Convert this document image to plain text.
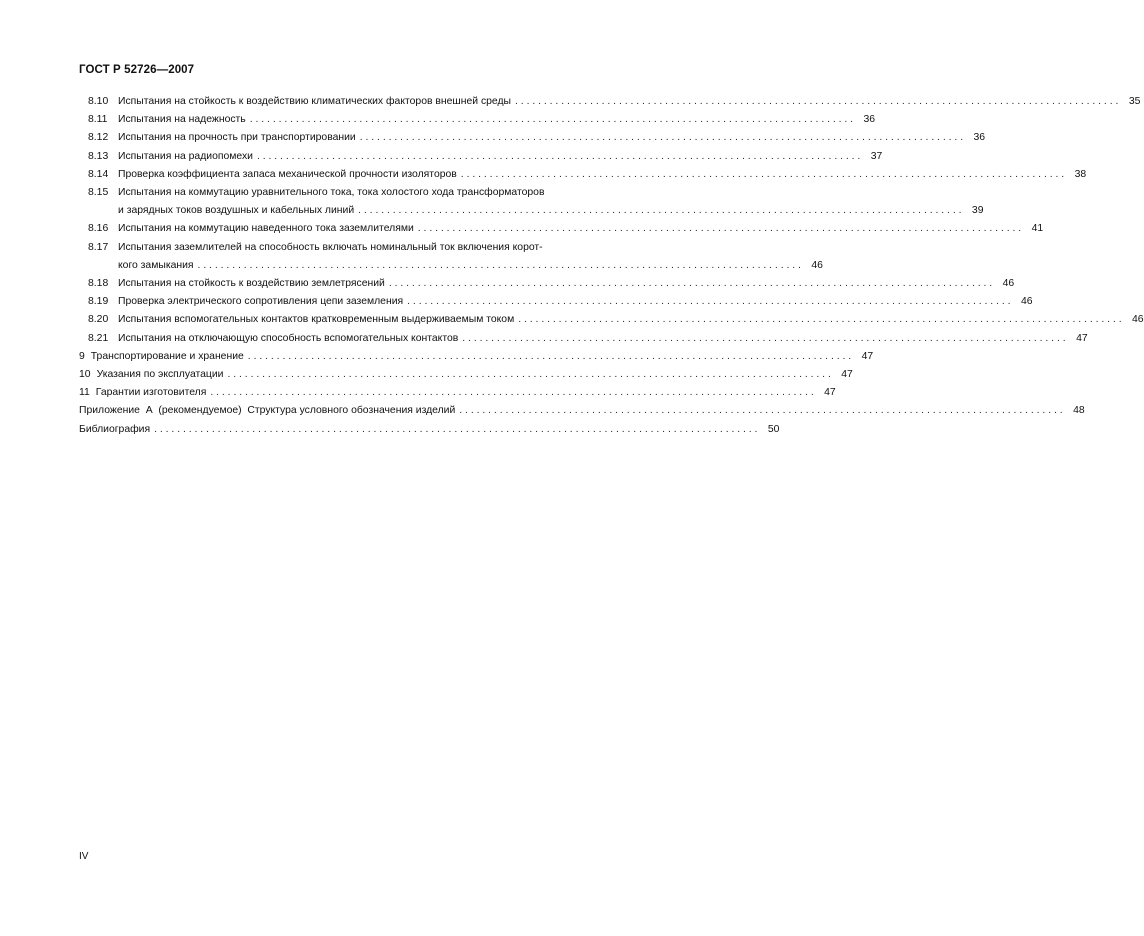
ГОСТ Р 52726—2007
8.10 Испытания на стойкость к воздействию климатических факторов внешней среды . . .	35
8.11	Испытания на надежность . . .	36
8.12 Испытания на прочность при транспортировании . . .	36
8.13 Испытания на радиопомехи . . .	37
8.14 Проверка коэффициента запаса механической прочности изоляторов . . .	38
8.15 Испытания на коммутацию уравнительного тока, тока холостого хода трансформаторов
и зарядных токов воздушных и кабельных линий . . .	39
8.16 Испытания на коммутацию наведенного тока заземлителями . . .	41
8.17 Испытания заземлителей на способность включать номинальный ток включения корот-
кого замыкания . . .	46
8.18 Испытания на стойкость к воздействию землетрясений . . .	46
8.19 Проверка электрического сопротивления цепи заземления . . .	46
8.20 Испытания вспомогательных контактов кратковременным выдерживаемым током . . .	46
8.21 Испытания на отключающую способность вспомогательных контактов . . .	47
9 Транспортирование и хранение . . .	47
10 Указания по эксплуатации . . .	47
11 Гарантии изготовителя . . .	47
Приложение  А  (рекомендуемое)  Структура условного обозначения изделий . . .	48
Библиография . . .	50
IV
